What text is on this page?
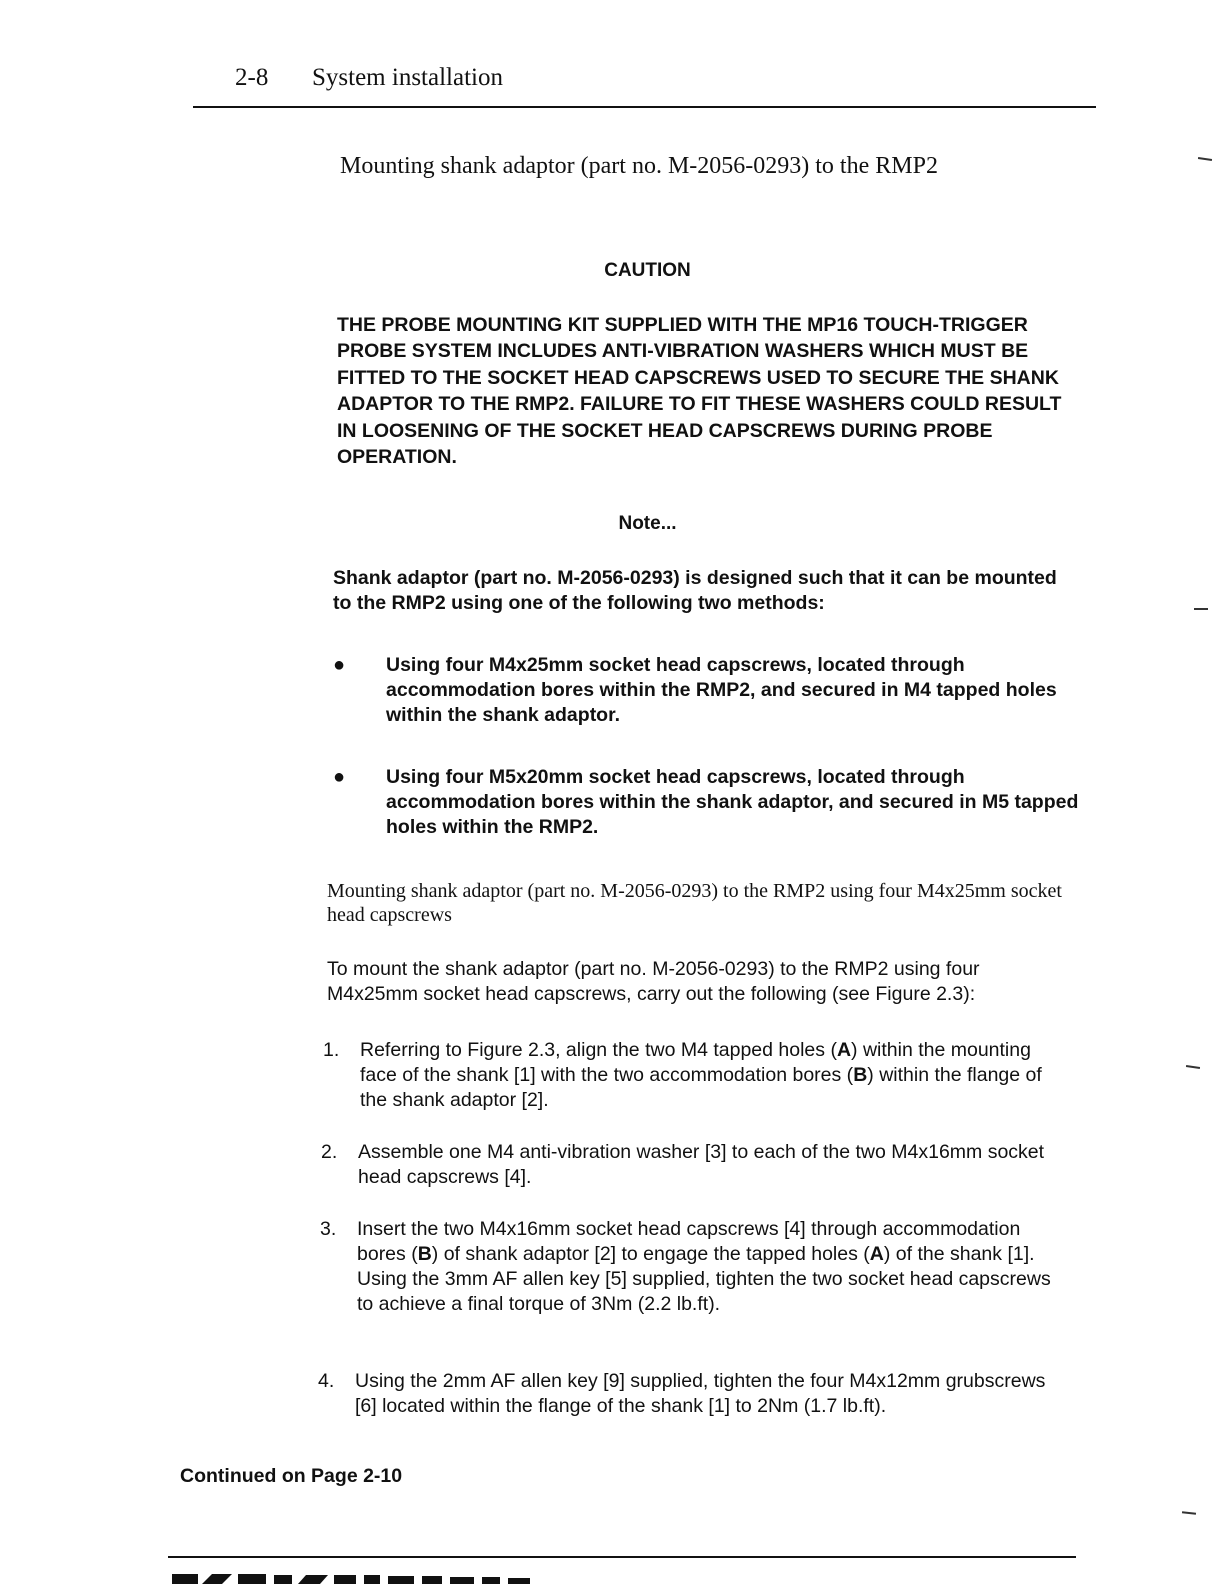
2-8 System installation
Mounting shank adaptor (part no. M-2056-0293) to the RMP2
CAUTION
THE PROBE MOUNTING KIT SUPPLIED WITH THE MP16 TOUCH-TRIGGER PROBE SYSTEM INCLUDES ANTI-VIBRATION WASHERS WHICH MUST BE FITTED TO THE SOCKET HEAD CAPSCREWS USED TO SECURE THE SHANK ADAPTOR TO THE RMP2. FAILURE TO FIT THESE WASHERS COULD RESULT IN LOOSENING OF THE SOCKET HEAD CAPSCREWS DURING PROBE OPERATION.
Note...
Shank adaptor (part no. M-2056-0293) is designed such that it can be mounted to the RMP2 using one of the following two methods:
● Using four M4x25mm socket head capscrews, located through accommodation bores within the RMP2, and secured in M4 tapped holes within the shank adaptor.
● Using four M5x20mm socket head capscrews, located through accommodation bores within the shank adaptor, and secured in M5 tapped holes within the RMP2.
Mounting shank adaptor (part no. M-2056-0293) to the RMP2 using four M4x25mm socket head capscrews
To mount the shank adaptor (part no. M-2056-0293) to the RMP2 using four M4x25mm socket head capscrews, carry out the following (see Figure 2.3):
1. Referring to Figure 2.3, align the two M4 tapped holes (A) within the mounting face of the shank [1] with the two accommodation bores (B) within the flange of the shank adaptor [2].
2. Assemble one M4 anti-vibration washer [3] to each of the two M4x16mm socket head capscrews [4].
3. Insert the two M4x16mm socket head capscrews [4] through accommodation bores (B) of shank adaptor [2] to engage the tapped holes (A) of the shank [1]. Using the 3mm AF allen key [5] supplied, tighten the two socket head capscrews to achieve a final torque of 3Nm (2.2 lb.ft).
4. Using the 2mm AF allen key [9] supplied, tighten the four M4x12mm grubscrews [6] located within the flange of the shank [1] to 2Nm (1.7 lb.ft).
Continued on Page 2-10
